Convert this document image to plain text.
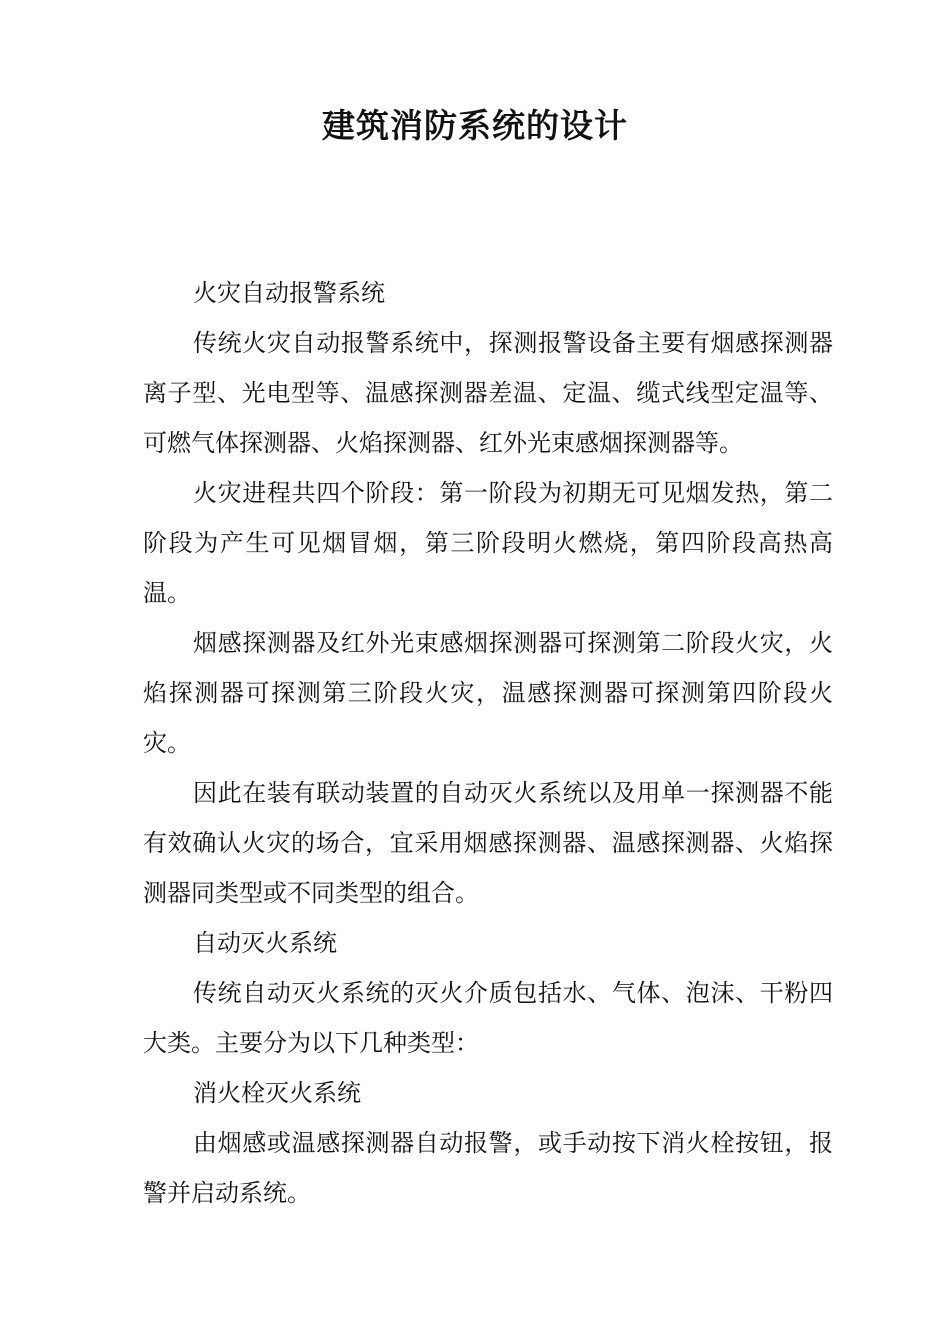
建筑消防系统的设计

火灾自动报警系统

传统火灾自动报警系统中，探测报警设备主要有烟感探测器离子型、光电型等、温感探测器差温、定温、缆式线型定温等、可燃气体探测器、火焰探测器、红外光束感烟探测器等。

火灾进程共四个阶段：第一阶段为初期无可见烟发热，第二阶段为产生可见烟冒烟，第三阶段明火燃烧，第四阶段高热高温。

烟感探测器及红外光束感烟探测器可探测第二阶段火灾，火焰探测器可探测第三阶段火灾，温感探测器可探测第四阶段火灾。

因此在装有联动装置的自动灭火系统以及用单一探测器不能有效确认火灾的场合，宜采用烟感探测器、温感探测器、火焰探测器同类型或不同类型的组合。

自动灭火系统

传统自动灭火系统的灭火介质包括水、气体、泡沫、干粉四大类。主要分为以下几种类型：

消火栓灭火系统

由烟感或温感探测器自动报警，或手动按下消火栓按钮，报警并启动系统。
